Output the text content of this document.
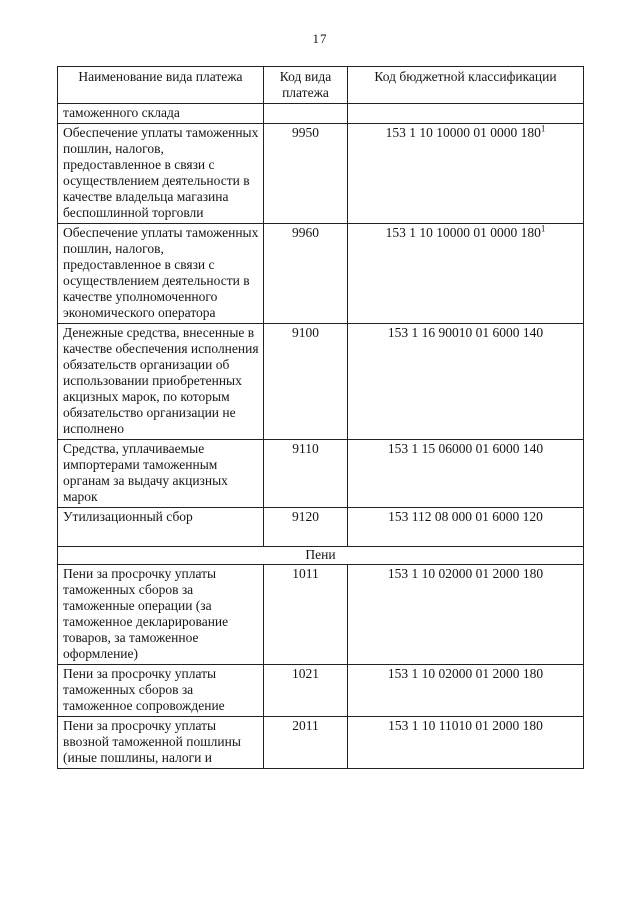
17
Наименование вида платежа	Код вида платежа	Код бюджетной классификации
таможенного склада		
Обеспечение уплаты таможенных пошлин, налогов, предоставленное в связи с осуществлением деятельности в качестве владельца магазина беспошлинной торговли	9950	153 1 10 10000 01 0000 $180^1$
Обеспечение уплаты таможенных пошлин, налогов, предоставленное в связи с осуществлением деятельности в качестве уполномоченного экономического оператора	9960	153 1 10 10000 01 0000 $180^1$
Денежные средства, внесенные в качестве обеспечения исполнения обязательств организации об использовании приобретенных акцизных марок, по которым обязательство организации не исполнено	9100	153 1 16 90010 01 6000 140
Средства, уплачиваемые импортерами таможенным органам за выдачу акцизных марок	9110	153 1 15 06000 01 6000 140
Утилизационный сбор	9120	153 112 08 000 01 6000 120
Пени		
Пени за просрочку уплаты таможенных сборов за таможенные операции (за таможенное декларирование товаров, за таможенное оформление)	1011	153 1 10 02000 01 2000 180
Пени за просрочку уплаты таможенных сборов за таможенное сопровождение	1021	153 1 10 02000 01 2000 180
Пени за просрочку уплаты ввозной таможенной пошлины (иные пошлины, налоги и	2011	153 1 10 11010 01 2000 180
